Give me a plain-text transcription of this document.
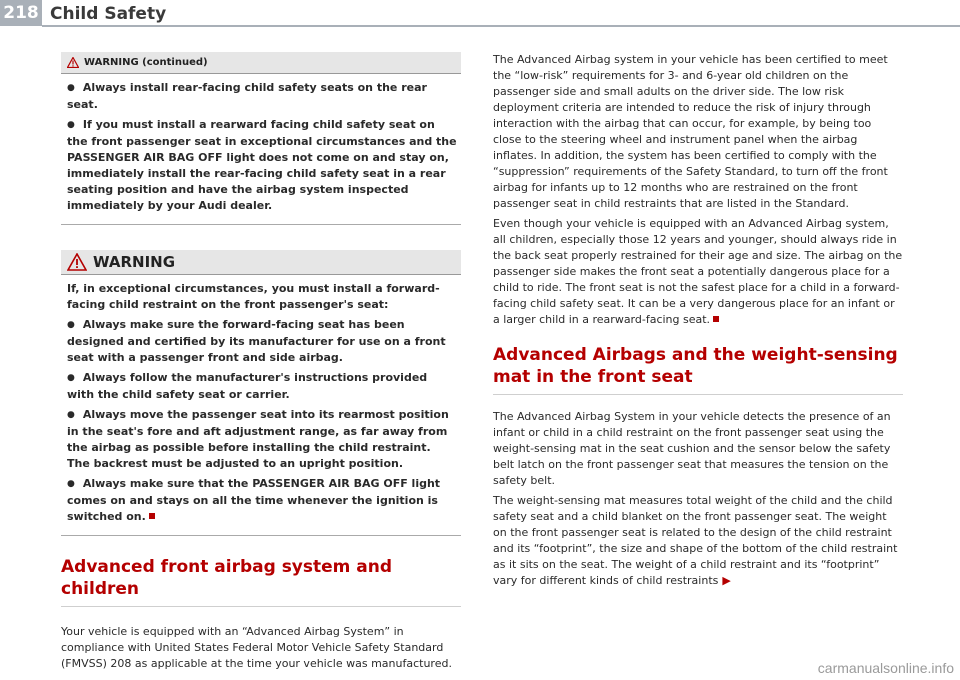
218 Child Safety
WARNING (continued)

● Always install rear-facing child safety seats on the rear seat.

● If you must install a rearward facing child safety seat on the front passenger seat in exceptional circumstances and the PASSENGER AIR BAG OFF light does not come on and stay on, immediately install the rear-facing child safety seat in a rear seating position and have the airbag system inspected immediately by your Audi dealer.

WARNING

If, in exceptional circumstances, you must install a forward-facing child restraint on the front passenger's seat:

● Always make sure the forward-facing seat has been designed and certified by its manufacturer for use on a front seat with a passenger front and side airbag.

● Always follow the manufacturer's instructions provided with the child safety seat or carrier.

● Always move the passenger seat into its rearmost position in the seat's fore and aft adjustment range, as far away from the airbag as possible before installing the child restraint. The backrest must be adjusted to an upright position.

● Always make sure that the PASSENGER AIR BAG OFF light comes on and stays on all the time whenever the ignition is switched on.

Advanced front airbag system and children

Your vehicle is equipped with an “Advanced Airbag System” in compliance with United States Federal Motor Vehicle Safety Standard (FMVSS) 208 as applicable at the time your vehicle was manufactured.

The Advanced Airbag system in your vehicle has been certified to meet the “low-risk” requirements for 3- and 6-year old children on the passenger side and small adults on the driver side. The low risk deployment criteria are intended to reduce the risk of injury through interaction with the airbag that can occur, for example, by being too close to the steering wheel and instrument panel when the airbag inflates. In addition, the system has been certified to comply with the “suppression” requirements of the Safety Standard, to turn off the front airbag for infants up to 12 months who are restrained on the front passenger seat in child restraints that are listed in the Standard.

Even though your vehicle is equipped with an Advanced Airbag system, all children, especially those 12 years and younger, should always ride in the back seat properly restrained for their age and size. The airbag on the passenger side makes the front seat a potentially dangerous place for a child to ride. The front seat is not the safest place for a child in a forward-facing child safety seat. It can be a very dangerous place for an infant or a larger child in a rearward-facing seat.

Advanced Airbags and the weight-sensing mat in the front seat

The Advanced Airbag System in your vehicle detects the presence of an infant or child in a child restraint on the front passenger seat using the weight-sensing mat in the seat cushion and the sensor below the safety belt latch on the front passenger seat that measures the tension on the safety belt.

The weight-sensing mat measures total weight of the child and the child safety seat and a child blanket on the front passenger seat. The weight on the front passenger seat is related to the design of the child restraint and its “footprint”, the size and shape of the bottom of the child restraint as it sits on the seat. The weight of a child restraint and its “footprint” vary for different kinds of child restraints ▶

carmanualsonline.info
